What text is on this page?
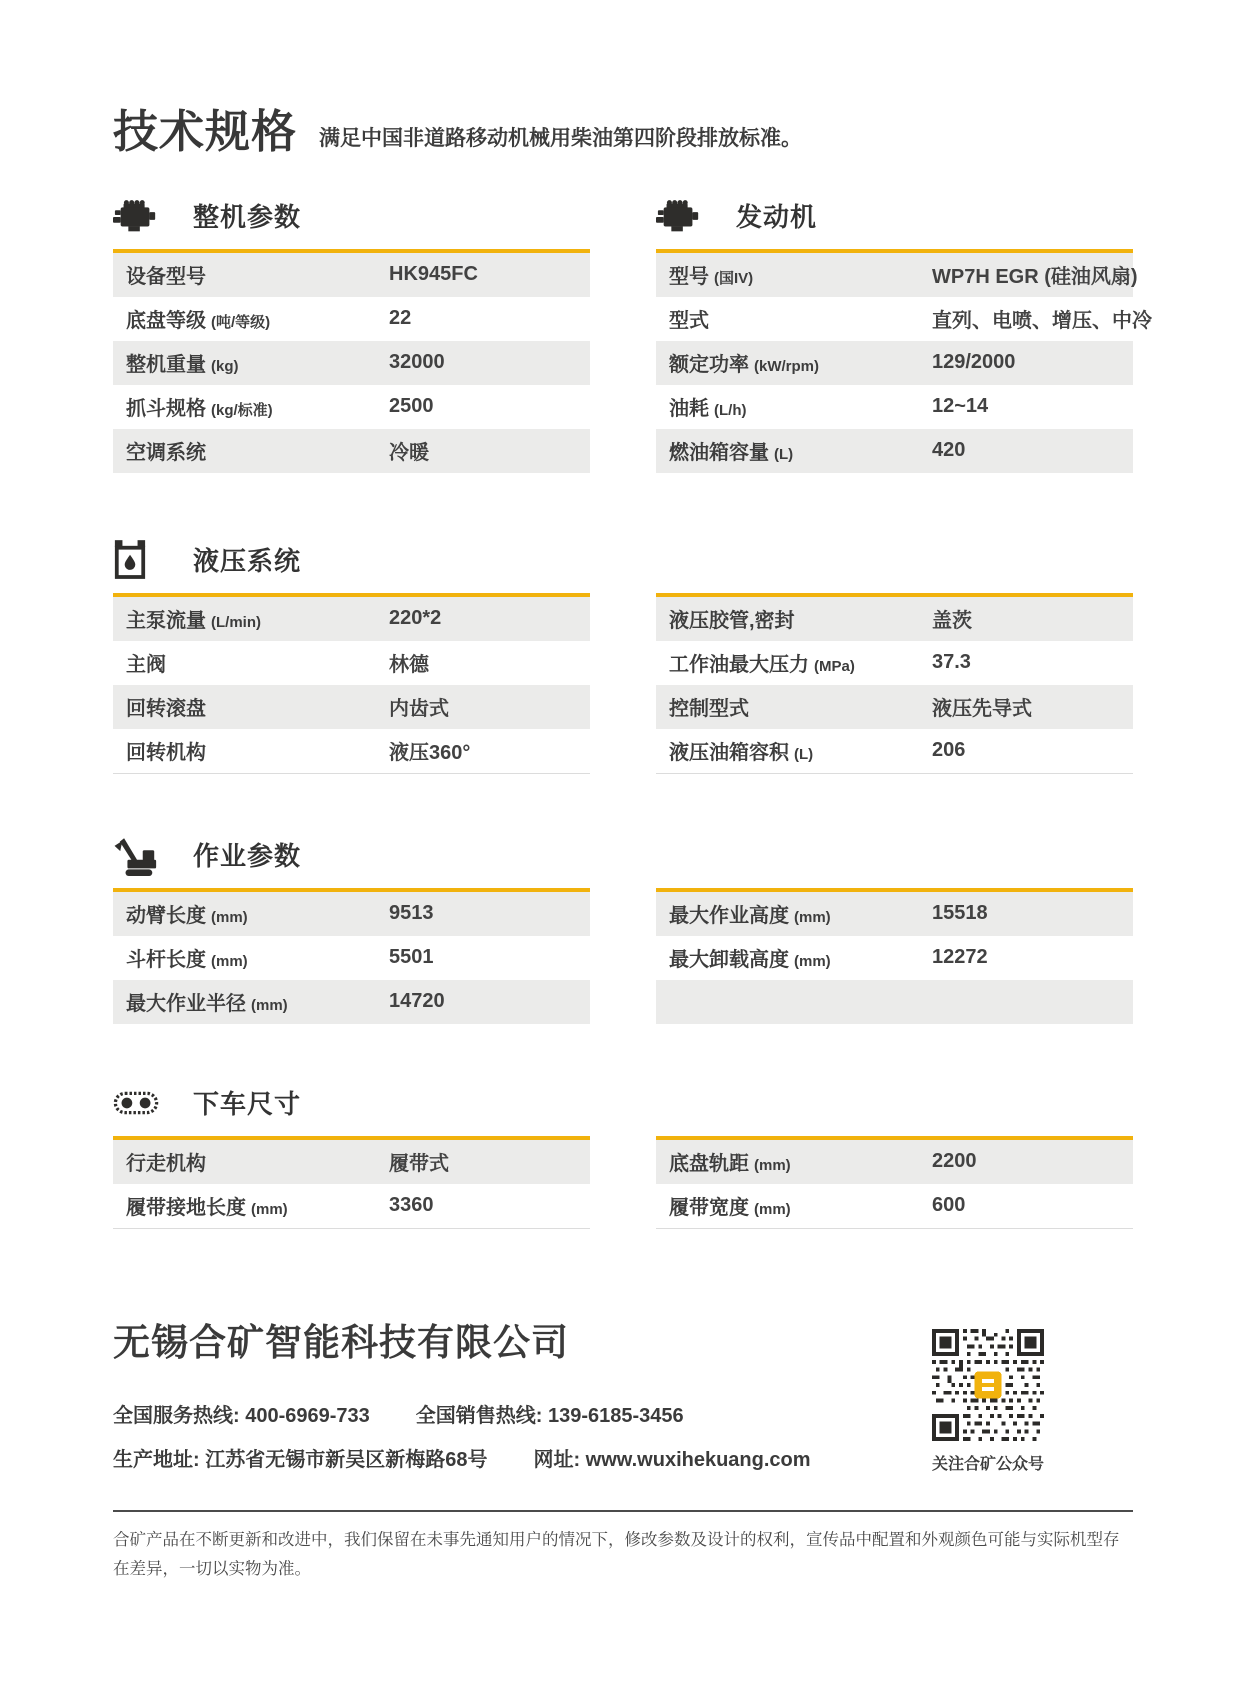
技术规格 满足中国非道路移动机械用柴油第四阶段排放标准。
整机参数
设备型号	HK945FC
底盘等级 (吨/等级)	22
整机重量 (kg)	32000
抓斗规格 (kg/标准)	2500
空调系统	冷暖
发动机
型号 (国IV)	WP7H EGR (硅油风扇)
型式	直列、电喷、增压、中冷
额定功率 (kW/rpm)	129/2000
油耗 (L/h)	12~14
燃油箱容量 (L)	420
液压系统
主泵流量 (L/min)	220*2
主阀	林德
回转滚盘	内齿式
回转机构	液压360°
液压胶管,密封	盖茨
工作油最大压力 (MPa)	37.3
控制型式	液压先导式
液压油箱容积 (L)	206
作业参数
动臂长度 (mm)	9513
斗杆长度 (mm)	5501
最大作业半径 (mm)	14720
最大作业高度 (mm)	15518
最大卸载高度 (mm)	12272
下车尺寸
行走机构	履带式
履带接地长度 (mm)	3360
底盘轨距 (mm)	2200
履带宽度 (mm)	600
无锡合矿智能科技有限公司
全国服务热线: 400-6969-733 全国销售热线: 139-6185-3456
生产地址: 江苏省无锡市新吴区新梅路68号 网址: www.wuxihekuang.com	关注合矿公众号
合矿产品在不断更新和改进中，我们保留在未事先通知用户的情况下，修改参数及设计的权利，宣传品中配置和外观颜色可能与实际机型存在差异，一切以实物为准。
